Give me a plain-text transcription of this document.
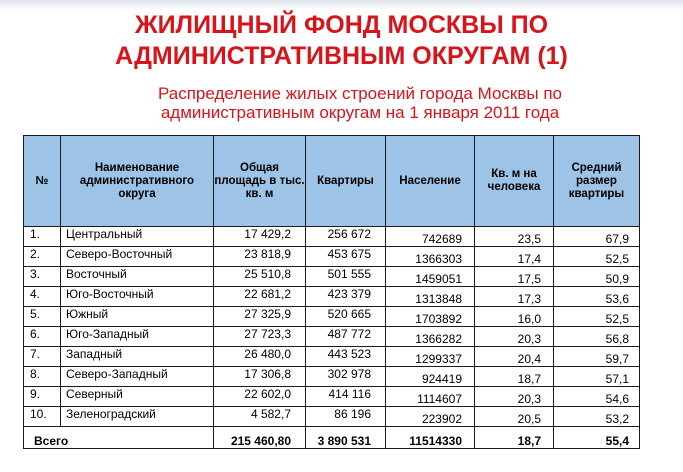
ЖИЛИЩНЫЙ ФОНД МОСКВЫ ПО
АДМИНИСТРАТИВНЫМ ОКРУГАМ (1)
Распределение жилых строений города Москвы по
административным округам на 1 января 2011 года
№	Наименование административного округа	Общая площадь в тыс. кв. м	Квартиры	Население	Кв. м на человека	Средний размер квартиры
1.	Центральный	17 429,2	256 672	742689	23,5	67,9
2.	Северо-Восточный	23 818,9	453 675	1366303	17,4	52,5
3.	Восточный	25 510,8	501 555	1459051	17,5	50,9
4.	Юго-Восточный	22 681,2	423 379	1313848	17,3	53,6
5.	Южный	27 325,9	520 665	1703892	16,0	52,5
6.	Юго-Западный	27 723,3	487 772	1366282	20,3	56,8
7.	Западный	26 480,0	443 523	1299337	20,4	59,7
8.	Северо-Западный	17 306,8	302 978	924419	18,7	57,1
9.	Северный	22 602,0	414 116	1114607	20,3	54,6
10.	Зеленоградский	4 582,7	86 196	223902	20,5	53,2
Всего		215 460,80	3 890 531	11514330	18,7	55,4
